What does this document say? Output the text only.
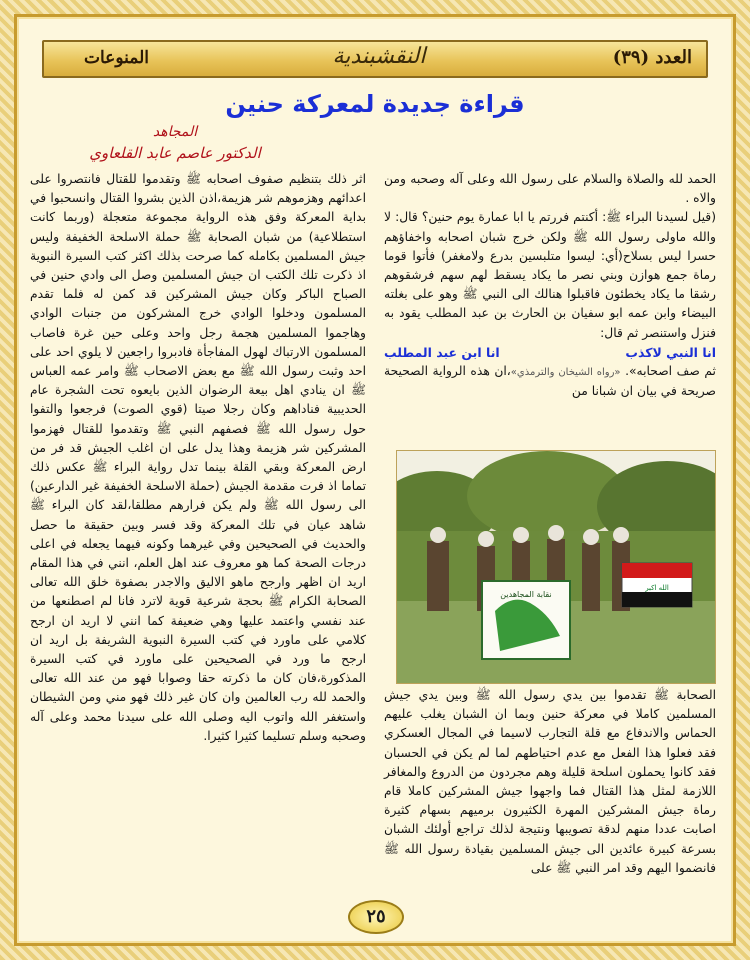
العدد (٣٩)
النقشبندية
المنوعات
قراءة جديدة لمعركة حنين
المجاهد
الدكتور عاصم عابد القلعاوي

الحمد لله والصلاة والسلام على رسول الله وعلى آله وصحبه ومن والاه .

(قيل لسيدنا البراء ﷺ: أكنتم فررتم يا ابا عمارة يوم حنين؟ قال: لا والله ماولى رسول الله ﷺ ولكن خرج شبان اصحابه واخفاؤهم حسرا ليس بسلاح(أي: ليسوا متلبسين بدرع ولامغفر) فأتوا قوما رماة جمع هوازن وبني نصر ما يكاد يسقط لهم سهم فرشقوهم رشقا ما يكاد يخطئون فاقبلوا هنالك الى النبي ﷺ وهو على بغلته البيضاء وابن عمه ابو سفيان بن الحارث بن عبد المطلب يقود به فنزل واستنصر ثم قال:

انا النبي لاكذب
انا ابن عبد المطلب

ثم صف اصحابه». «رواه الشيخان والترمذي»،ان هذه الرواية الصحيحة صريحة في بيان ان شبانا من

نقابة المجاهدين
الله اكبر

الصحابة ﷺ تقدموا بين يدي رسول الله ﷺ وبين يدي جيش المسلمين كاملا في معركة حنين وبما ان الشبان يغلب عليهم الحماس والاندفاع مع قلة التجارب لاسيما في المجال العسكري فقد فعلوا هذا الفعل مع عدم احتياطهم لما لم يكن في الحسبان فقد كانوا يحملون اسلحة قليلة وهم مجردون من الدروع والمغافر اللازمة لمثل هذا القتال فما واجهوا جيش المشركين كاملا قام رماة جيش المشركين المهرة الكثيرون برميهم بسهام كثيرة اصابت عددا منهم لدقة تصويبها ونتيجة لذلك تراجع أولئك الشبان بسرعة كبيرة عائدين الى جيش المسلمين بقيادة رسول الله ﷺ فانضموا اليهم وقد امر النبي ﷺ على

اثر ذلك بتنظيم صفوف اصحابه ﷺ وتقدموا للقتال فانتصروا على اعدائهم وهزموهم شر هزيمة،اذن الذين بشروا القتال وانسحبوا في بداية المعركة وفق هذه الرواية مجموعة متعجلة (وربما كانت استطلاعية) من شبان الصحابة ﷺ حملة الاسلحة الخفيفة وليس جيش المسلمين بكامله كما صرحت بذلك اكثر كتب السيرة النبوية اذ ذكرت تلك الكتب ان جيش المسلمين وصل الى وادي حنين في الصباح الباكر وكان جيش المشركين قد كمن له فلما تقدم المسلمون ودخلوا الوادي خرج المشركون من جنبات الوادي وهاجموا المسلمين هجمة رجل واحد وعلى حين غرة فاصاب المسلمون الارتباك لهول المفاجأة فادبروا راجعين لا يلوي احد على احد وثبت رسول الله ﷺ مع بعض الاصحاب ﷺ وامر عمه العباس ﷺ ان ينادي اهل بيعة الرضوان الذين بايعوه تحت الشجرة عام الحديبية فناداهم وكان رجلا صيتا (قوي الصوت) فرجعوا والتفوا حول رسول الله ﷺ فصفهم النبي ﷺ وتقدموا للقتال فهزموا المشركين شر هزيمة وهذا يدل على ان اغلب الجيش قد فر من ارض المعركة وبقي القلة بينما تدل رواية البراء ﷺ عكس ذلك تماما اذ فرت مقدمة الجيش (حملة الاسلحة الخفيفة غير الدارعين) الى رسول الله ﷺ ولم يكن فرارهم مطلقا،لقد كان البراء ﷺ شاهد عيان في تلك المعركة وقد فسر وبين حقيقة ما حصل والحديث في الصحيحين وفي غيرهما وكونه فيهما يجعله في اعلى درجات الصحة كما هو معروف عند اهل العلم، انني في هذا المقام اريد ان اظهر وارجح ماهو الاليق والاجدر بصفوة خلق الله تعالى الصحابة الكرام ﷺ بحجة شرعية قوية لاترد فانا لم اصطنعها من عند نفسي واعتمد عليها وهي ضعيفة كما انني لا اريد ان ارجح كلامي على ماورد في كتب السيرة النبوية الشريفة بل اريد ان ارجح ما ورد في الصحيحين على ماورد في كتب السيرة المذكورة،فان كان ما ذكرته حقا وصوابا فهو من عند الله تعالى والحمد لله رب العالمين وان كان غير ذلك فهو مني ومن الشيطان واستغفر الله واتوب اليه وصلى الله على سيدنا محمد وعلى آله وصحبه وسلم تسليما كثيرا كثيرا.

٢٥
